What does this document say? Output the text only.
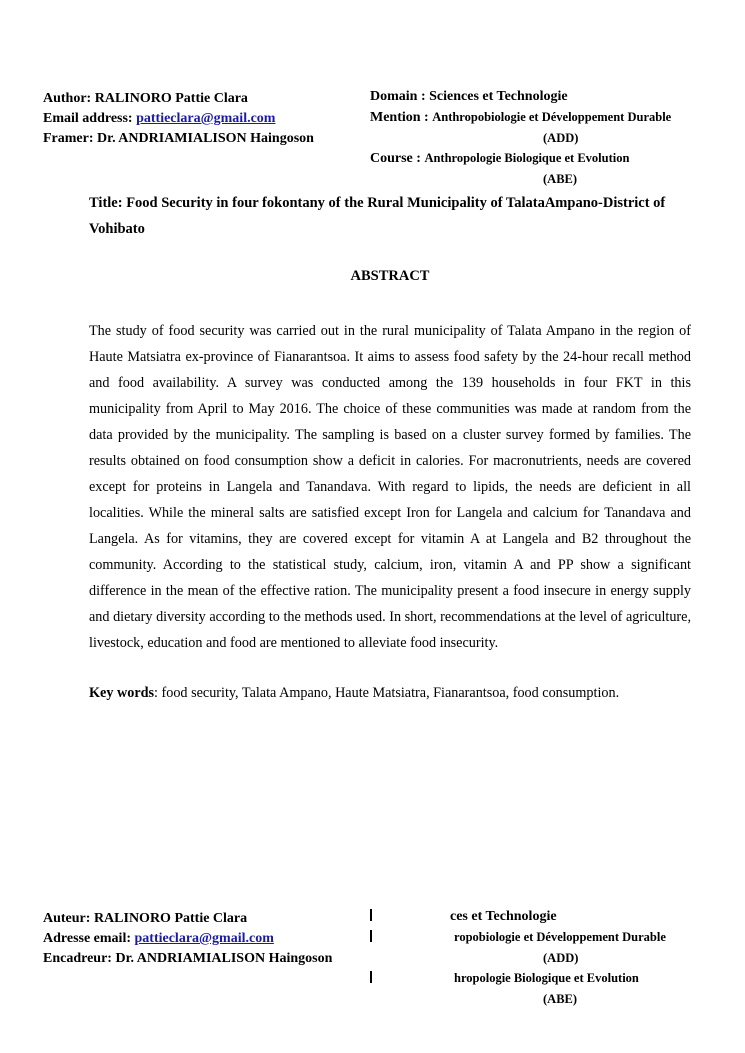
Author: RALINORO Pattie Clara
Email address: pattieclara@gmail.com
Framer: Dr. ANDRIAMIALISON Haingoson
Domain : Sciences et Technologie
Mention : Anthropobiologie et Développement Durable
(ADD)
Course : Anthropologie Biologique et Evolution
(ABE)
Title: Food Security in four fokontany of the Rural Municipality of TalataAmpano-District of Vohibato
ABSTRACT
The study of food security was carried out in the rural municipality of Talata Ampano in the region of Haute Matsiatra ex-province of Fianarantsoa. It aims to assess food safety by the 24-hour recall method and food availability. A survey was conducted among the 139 households in four FKT in this municipality from April to May 2016. The choice of these communities was made at random from the data provided by the municipality. The sampling is based on a cluster survey formed by families. The results obtained on food consumption show a deficit in calories. For macronutrients, needs are covered except for proteins in Langela and Tanandava. With regard to lipids, the needs are deficient in all localities. While the mineral salts are satisfied except Iron for Langela and calcium for Tanandava and Langela. As for vitamins, they are covered except for vitamin A at Langela and B2 throughout the community. According to the statistical study, calcium, iron, vitamin A and PP show a significant difference in the mean of the effective ration. The municipality present a food insecure in energy supply and dietary diversity according to the methods used. In short, recommendations at the level of agriculture, livestock, education and food are mentioned to alleviate food insecurity.
Key words: food security, Talata Ampano, Haute Matsiatra, Fianarantsoa, food consumption.
Auteur: RALINORO Pattie Clara
Adresse email: pattieclara@gmail.com
Encadreur: Dr. ANDRIAMIALISON Haingoson
ces et Technologie
ropobiologie et Développement Durable
(ADD)
hropologie Biologique et Evolution
(ABE)
